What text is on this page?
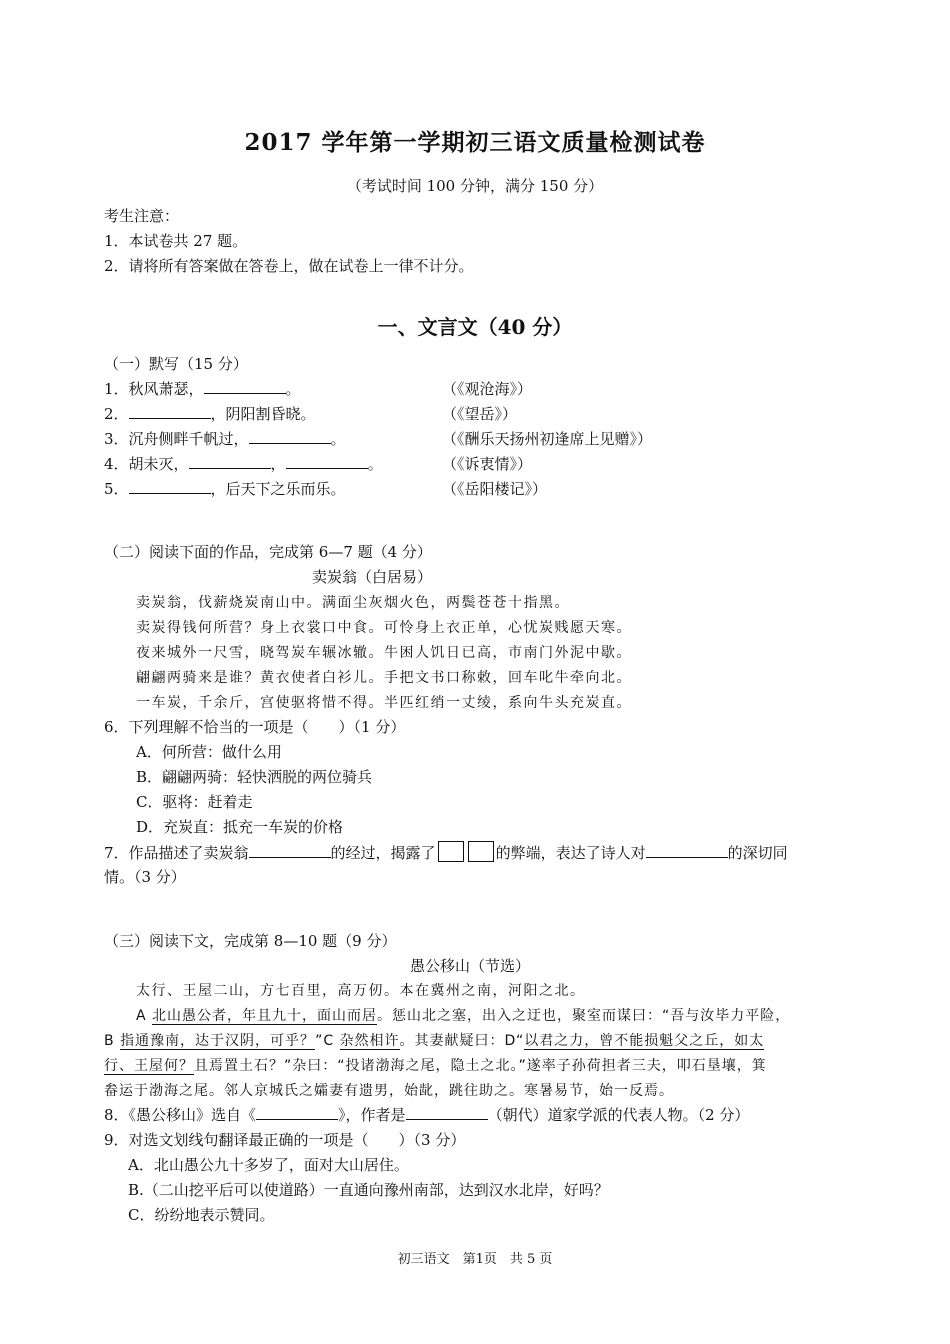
2017 学年第一学期初三语文质量检测试卷
（考试时间 100 分钟，满分 150 分）
考生注意：
1．本试卷共 27 题。
2．请将所有答案做在答卷上，做在试卷上一律不计分。
一、文言文（40 分）
（一）默写（15 分）
1．秋风萧瑟，	。	（《观沧海》）
2．	，阴阳割昏晓。	（《望岳》）
3．沉舟侧畔千帆过，	。	（《酬乐天扬州初逢席上见赠》）
4．胡未灭，	，	。	（《诉衷情》）
5．	，后天下之乐而乐。	（《岳阳楼记》）
（二）阅读下面的作品，完成第 6—7 题（4 分）
卖炭翁（白居易）
卖炭翁，伐薪烧炭南山中。满面尘灰烟火色，两鬓苍苍十指黑。
卖炭得钱何所营？身上衣裳口中食。可怜身上衣正单，心忧炭贱愿天寒。
夜来城外一尺雪，晓驾炭车辗冰辙。牛困人饥日已高，市南门外泥中歇。
翩翩两骑来是谁？黄衣使者白衫儿。手把文书口称敕，回车叱牛牵向北。
一车炭，千余斤，宫使驱将惜不得。半匹红绡一丈绫，系向牛头充炭直。
6．下列理解不恰当的一项是（　　）（1 分）
A．何所营：做什么用
B．翩翩两骑：轻快洒脱的两位骑兵
C．驱将：赶着走
D．充炭直：抵充一车炭的价格
7．作品描述了卖炭翁	的经过，揭露了	的弊端，表达了诗人对	的深切同
情。（3 分）
（三）阅读下文，完成第 8—10 题（9 分）
愚公移山（节选）
太行、王屋二山，方七百里，高万仞。本在冀州之南，河阳之北。
A 北山愚公者，年且九十，面山而居。惩山北之塞，出入之迂也，聚室而谋曰：“吾与汝毕力平险，
B 指通豫南，达于汉阴，可乎？”C 杂然相许。其妻献疑曰：D“以君之力，曾不能损魁父之丘，如太
行、王屋何？且焉置土石？”杂曰：“投诸渤海之尾，隐土之北。”遂率子孙荷担者三夫，叩石垦壤，箕
畚运于渤海之尾。邻人京城氏之孀妻有遗男，始龀，跳往助之。寒暑易节，始一反焉。
8．《愚公移山》选自《	》，作者是	（朝代）道家学派的代表人物。（2 分）
9．对选文划线句翻译最正确的一项是（　　）（3 分）
A．北山愚公九十多岁了，面对大山居住。
B.（二山挖平后可以使道路）一直通向豫州南部，达到汉水北岸，好吗？
C．纷纷地表示赞同。
初三语文　第1页　共 5 页
